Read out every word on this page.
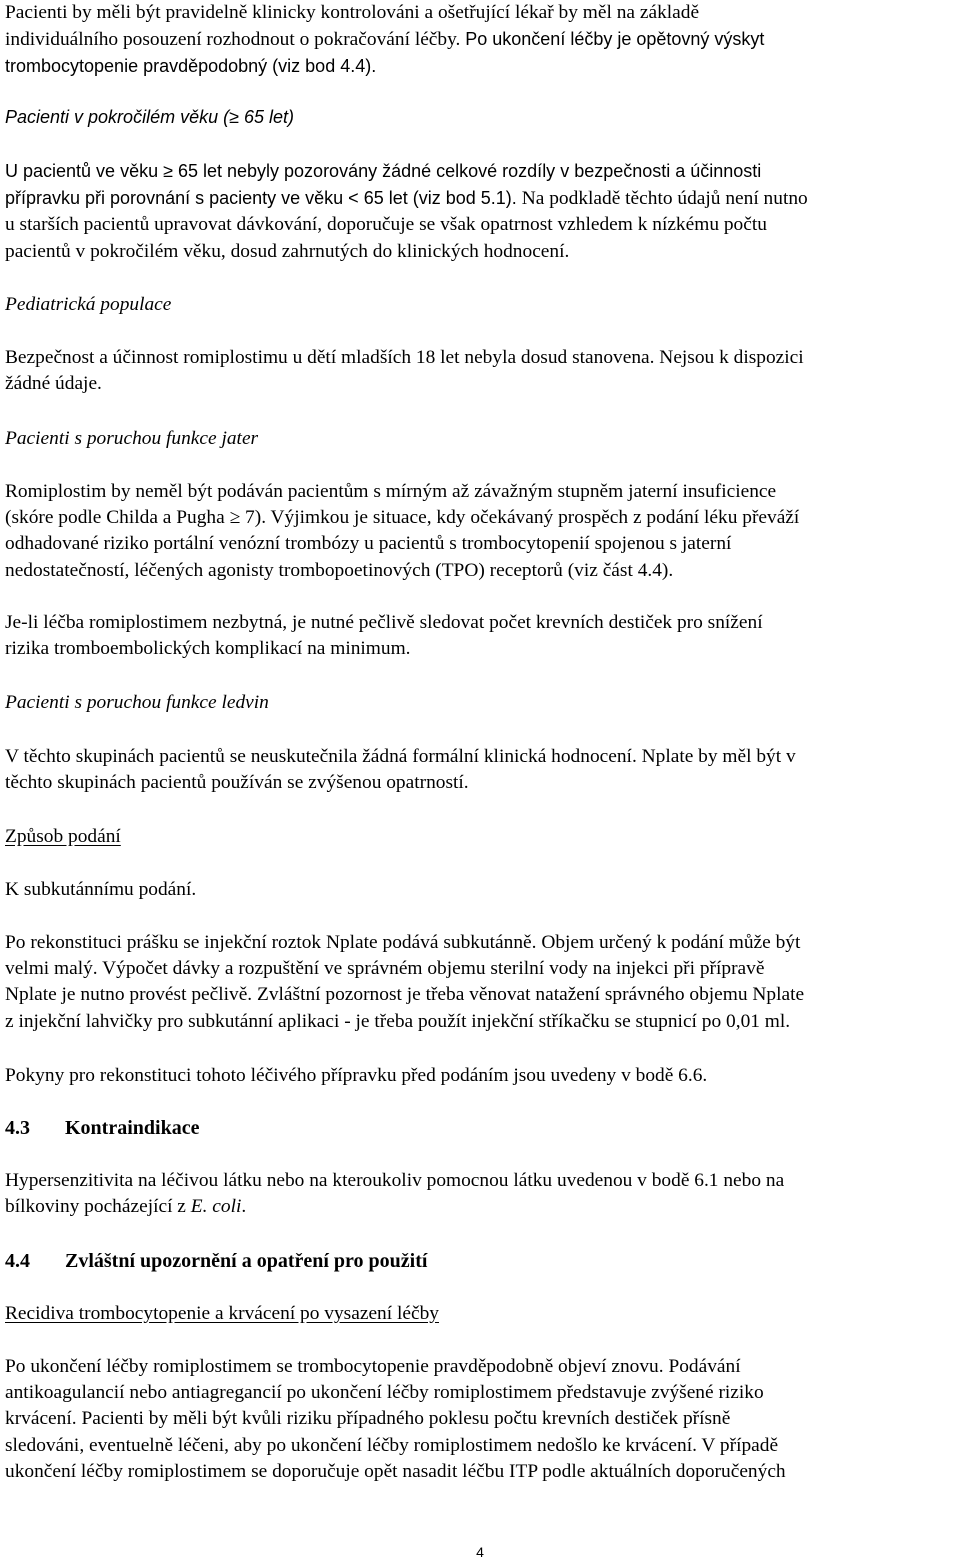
Pacienti by měli být pravidelně klinicky kontrolováni a ošetřující lékař by měl na základě
individuálního posouzení rozhodnout o pokračování léčby. Po ukončení léčby je opětovný výskyt
trombocytopenie pravděpodobný (viz bod 4.4).

Pacienti v pokročilém věku (≥ 65 let)

U pacientů ve věku ≥ 65 let nebyly pozorovány žádné celkové rozdíly v bezpečnosti a účinnosti
přípravku při porovnání s pacienty ve věku < 65 let (viz bod 5.1). Na podkladě těchto údajů není nutno
u starších pacientů upravovat dávkování, doporučuje se však opatrnost vzhledem k nízkému počtu
pacientů v pokročilém věku, dosud zahrnutých do klinických hodnocení.

Pediatrická populace

Bezpečnost a účinnost romiplostimu u dětí mladších 18 let nebyla dosud stanovena. Nejsou k dispozici
žádné údaje.

Pacienti s poruchou funkce jater

Romiplostim by neměl být podáván pacientům s mírným až závažným stupněm jaterní insuficience
(skóre podle Childa a Pugha ≥ 7). Výjimkou je situace, kdy očekávaný prospěch z podání léku převáží
odhadované riziko portální venózní trombózy u pacientů s trombocytopenií spojenou s jaterní
nedostatečností, léčených agonisty trombopoetinových (TPO) receptorů (viz část 4.4).

Je-li léčba romiplostimem nezbytná, je nutné pečlivě sledovat počet krevních destiček pro snížení
rizika tromboembolických komplikací na minimum.

Pacienti s poruchou funkce ledvin

V těchto skupinách pacientů se neuskutečnila žádná formální klinická hodnocení. Nplate by měl být v
těchto skupinách pacientů používán se zvýšenou opatrností.

Způsob podání

K subkutánnímu podání.

Po rekonstituci prášku se injekční roztok Nplate podává subkutánně. Objem určený k podání může být
velmi malý. Výpočet dávky a rozpuštění ve správném objemu sterilní vody na injekci při přípravě
Nplate je nutno provést pečlivě. Zvláštní pozornost je třeba věnovat natažení správného objemu Nplate
z injekční lahvičky pro subkutánní aplikaci - je třeba použít injekční stříkačku se stupnicí po 0,01 ml.

Pokyny pro rekonstituci tohoto léčivého přípravku před podáním jsou uvedeny v bodě 6.6.

4.3 Kontraindikace

Hypersenzitivita na léčivou látku nebo na kteroukoliv pomocnou látku uvedenou v bodě 6.1 nebo na
bílkoviny pocházející z E. coli.

4.4 Zvláštní upozornění a opatření pro použití

Recidiva trombocytopenie a krvácení po vysazení léčby

Po ukončení léčby romiplostimem se trombocytopenie pravděpodobně objeví znovu. Podávání
antikoagulancií nebo antiagregancií po ukončení léčby romiplostimem představuje zvýšené riziko
krvácení. Pacienti by měli být kvůli riziku případného poklesu počtu krevních destiček přísně
sledováni, eventuelně léčeni, aby po ukončení léčby romiplostimem nedošlo ke krvácení. V případě
ukončení léčby romiplostimem se doporučuje opět nasadit léčbu ITP podle aktuálních doporučených

4
